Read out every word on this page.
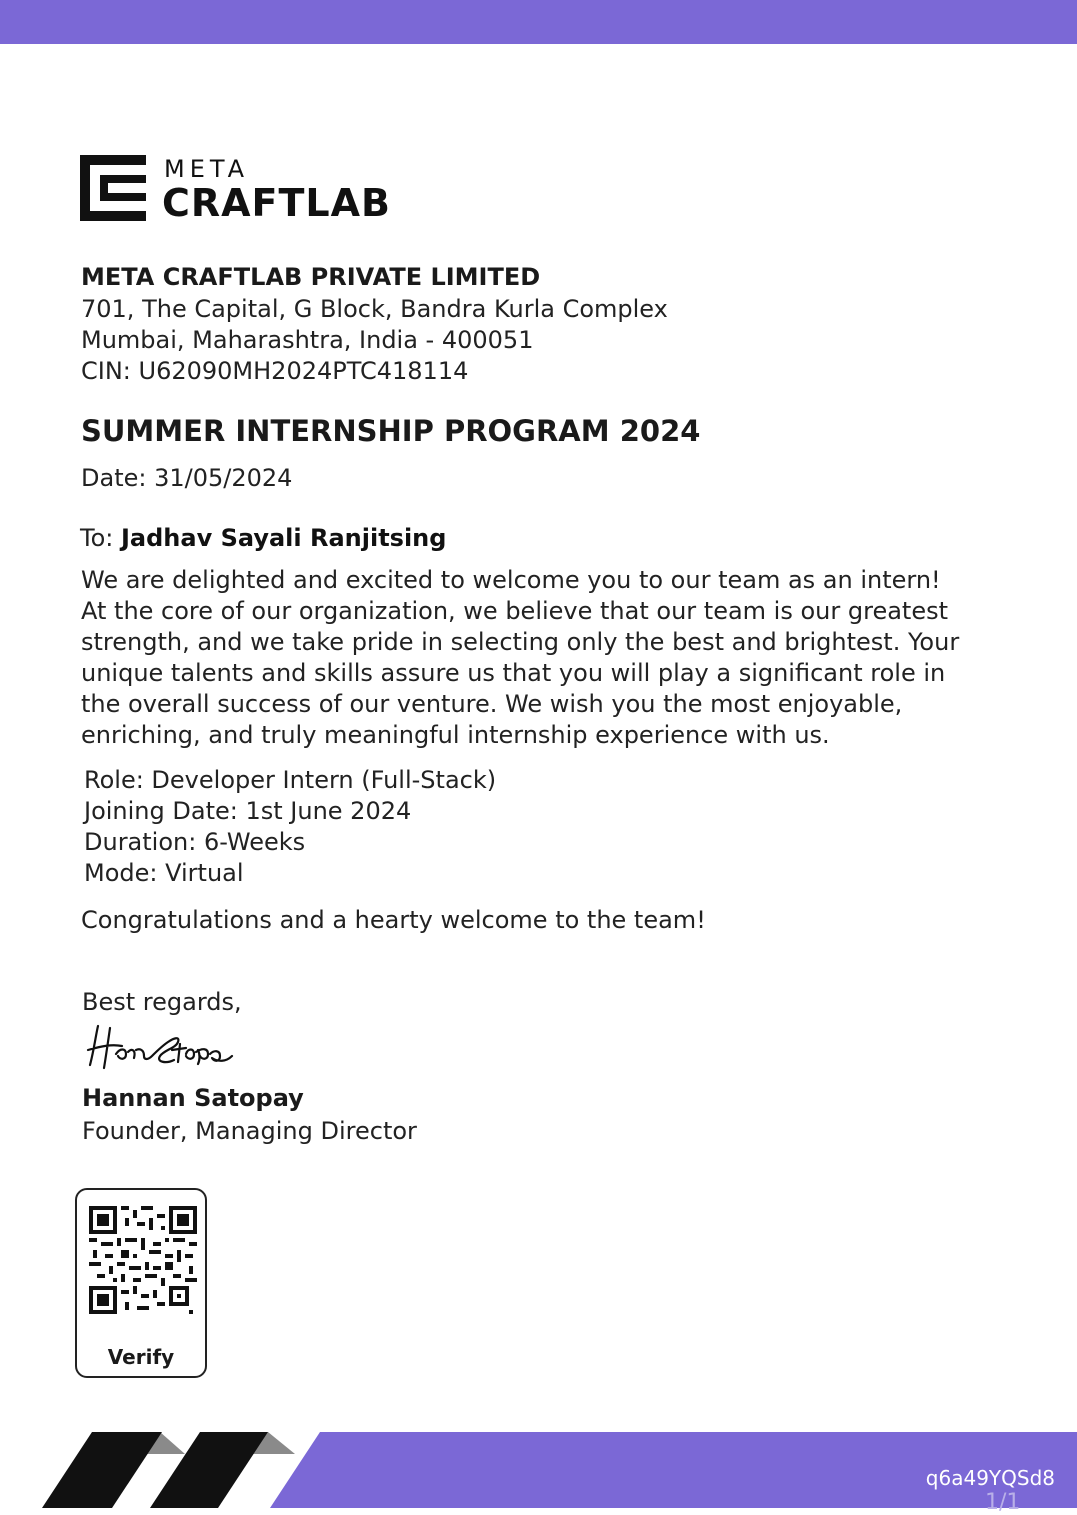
META
CRAFTLAB
META CRAFTLAB PRIVATE LIMITED
701, The Capital, G Block, Bandra Kurla Complex
Mumbai, Maharashtra, India - 400051
CIN: U62090MH2024PTC418114
SUMMER INTERNSHIP PROGRAM 2024
Date: 31/05/2024
To: Jadhav Sayali Ranjitsing
We are delighted and excited to welcome you to our team as an intern!
At the core of our organization, we believe that our team is our greatest
strength, and we take pride in selecting only the best and brightest. Your
unique talents and skills assure us that you will play a significant role in
the overall success of our venture. We wish you the most enjoyable,
enriching, and truly meaningful internship experience with us.
Role: Developer Intern (Full-Stack)
Joining Date: 1st June 2024
Duration: 6-Weeks
Mode: Virtual
Congratulations and a hearty welcome to the team!
Best regards,
Hannan Satopay
Founder, Managing Director
Verify
q6a49YQSd8
1/1
